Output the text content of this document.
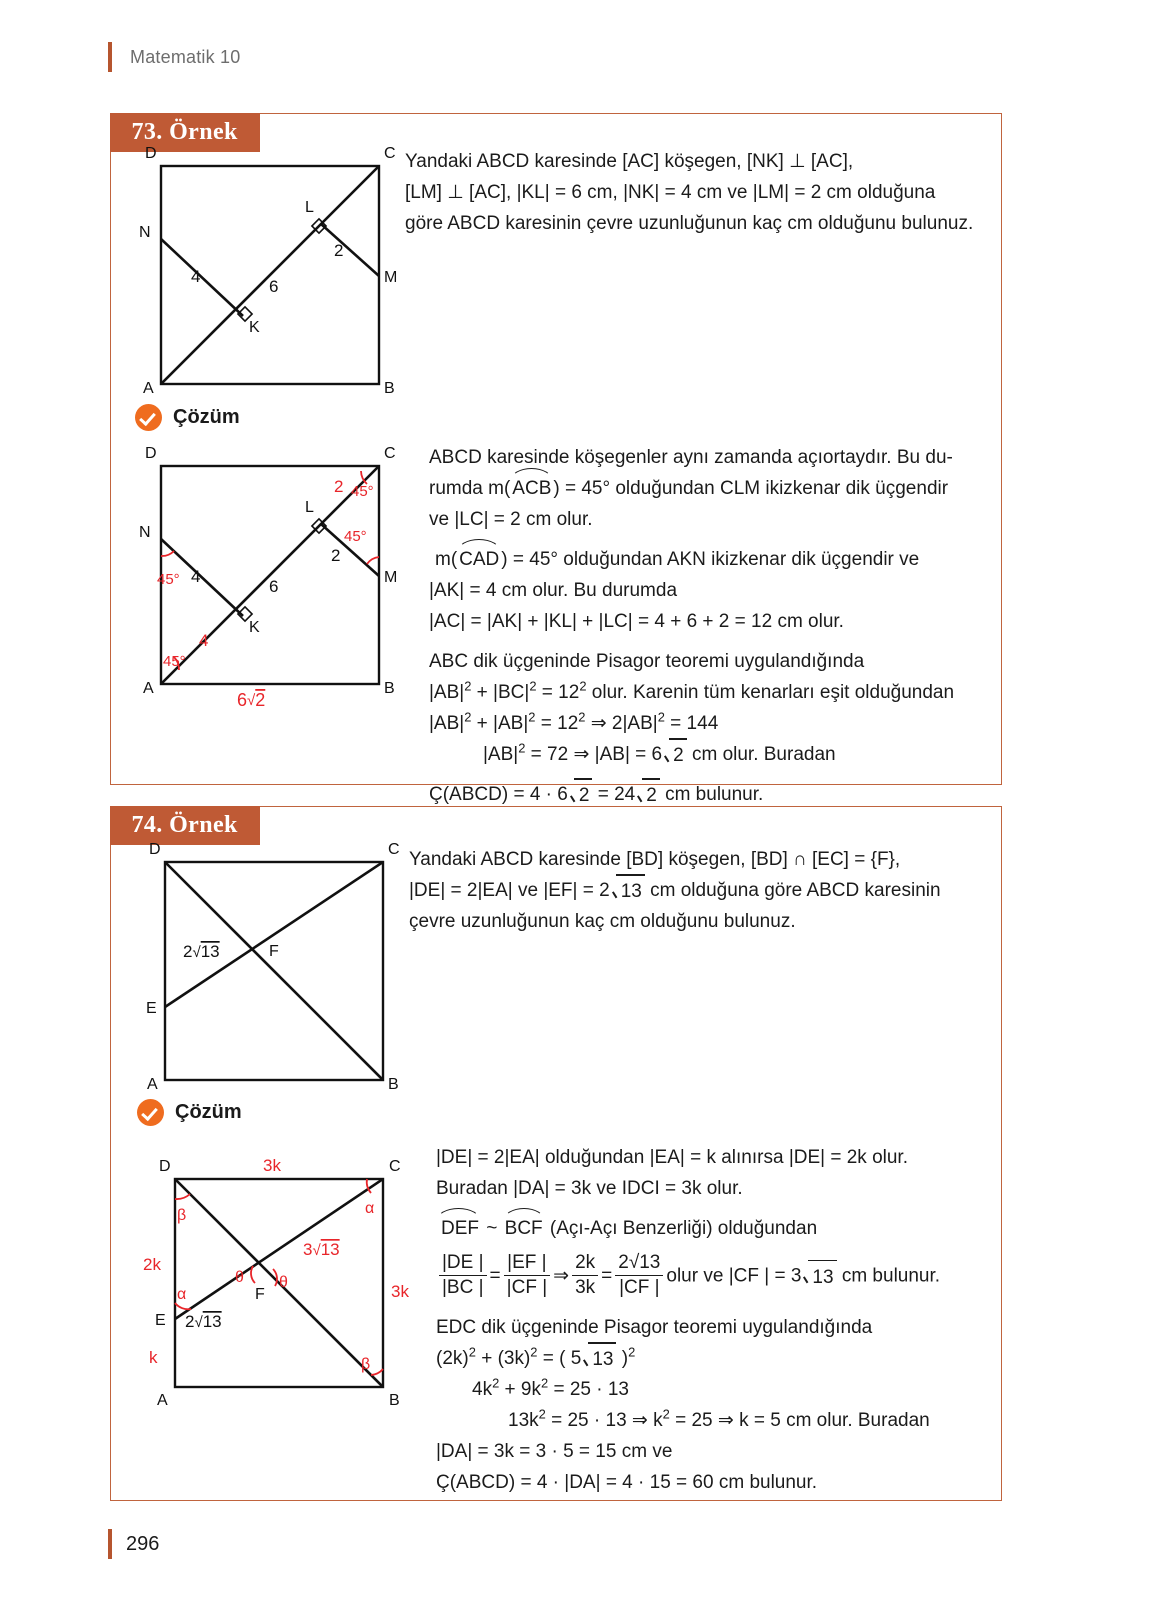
Matematik 10
73. Örnek
D	C
A	B
N
L
M
K
4
6
2

Yandaki ABCD karesinde [AC] köşegen, [NK] ⊥ [AC],

[LM] ⊥ [AC], |KL| = 6 cm, |NK| = 4 cm ve |LM| = 2 cm olduğuna

göre ABCD karesinin çevre uzunluğunun kaç cm olduğunu bulunuz.

Çözüm
D	C
A	B
N
L
M
K
4
6
2
2
4
45°
45°
45°
45°
6√2

ABCD karesinde köşegenler aynı zamanda açıortaydır. Bu du-
rumda m( ACB ) = 45° olduğundan CLM ikizkenar dik üçgendir
ve |LC| = 2 cm olur.

m( CAD ) = 45° olduğundan AKN ikizkenar dik üçgendir ve
|AK| = 4 cm olur. Bu durumda
|AC| = |AK| + |KL| + |LC| = 4 + 6 + 2 = 12 cm olur.

ABC dik üçgeninde Pisagor teoremi uygulandığında
$|AB|^2 + |BC|^2 = 12^2$ olur. Karenin tüm kenarları eşit olduğundan
$|AB|^2 + |AB|^2 = 12^2$ ⇒ $2|AB|^2 = 144$
$|AB|^2 = 72$ ⇒ |AB| = 6 2 cm olur. Buradan

Ç(ABCD) = 4 · 6 2 = 24 2 cm bulunur.

74. Örnek
D	C
A	B
E
F
2√13

Yandaki ABCD karesinde [BD] köşegen, [BD] ∩ [EC] = {F},

|DE| = 2|EA| ve |EF| = 2 13 cm olduğuna göre ABCD karesinin

çevre uzunluğunun kaç cm olduğunu bulunuz.

Çözüm
D	C
A	B
E
F
3k
2k
k
3k
2√13
3√13
β	α
α
β
θ θ

|DE| = 2|EA| olduğundan |EA| = k alınırsa |DE| = 2k olur.

Buradan |DA| = 3k ve IDCI = 3k olur.

DEF ~ BCF (Açı-Açı Benzerliği) olduğundan

$\frac{|DE |}{|BC |} = \frac{|EF |}{|CF |}$ ⇒ $\frac{2k}{3k} = \frac{2√13}{|CF |}$ olur ve |CF | = 3 13 cm bulunur.

EDC dik üçgeninde Pisagor teoremi uygulandığında

$(2k)^2 + (3k)^2$ = ( 5 13 )$^2$

$4k^2 + 9k^2 = 25 \cdot 13$

$13k^2 = 25 \cdot 13$ ⇒ $k^2 = 25$ ⇒ k = 5 cm olur. Buradan

|DA| = 3k = 3 · 5 = 15 cm ve

Ç(ABCD) = 4 · |DA| = 4 · 15 = 60 cm bulunur.

296
